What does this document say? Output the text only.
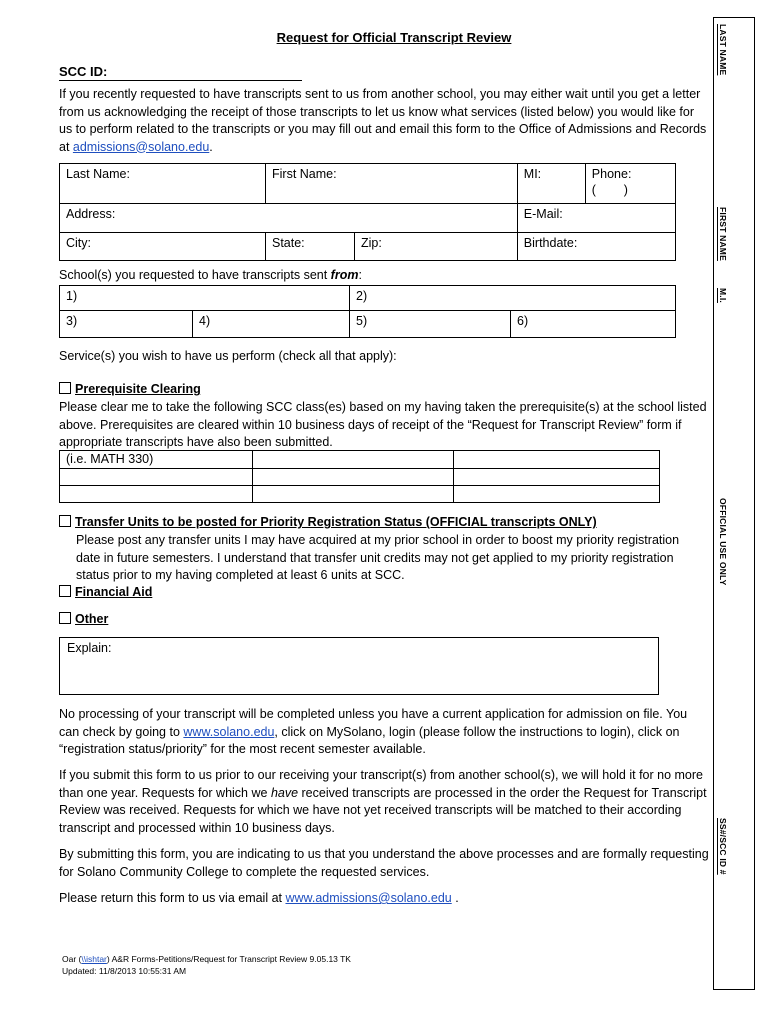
Request for Official Transcript Review
SCC ID:
If you recently requested to have transcripts sent to us from another school, you may either wait until you get a letter from us acknowledging the receipt of those transcripts to let us know what services (listed below) you would like for us to perform related to the transcripts or you may fill out and email this form to the Office of Admissions and Records at admissions@solano.edu.
Last Name:	First Name:		MI:	Phone:
(        )

Address:			E-Mail:	
City:	State:	Zip:	Birthdate:	
School(s) you requested to have transcripts sent from:
1)		2)	
3)	4)	5)	6)
Service(s) you wish to have us perform (check all that apply):
Prerequisite Clearing
Please clear me to take the following SCC class(es) based on my having taken the prerequisite(s) at the school listed above. Prerequisites are cleared within 10 business days of receipt of the “Request for Transcript Review” form if appropriate transcripts have also been submitted.
(i.e. MATH 330)		

Transfer Units to be posted for Priority Registration Status (OFFICIAL transcripts ONLY)
Please post any transfer units I may have acquired at my prior school in order to boost my priority registration date in future semesters. I understand that transfer unit credits may not get applied to my priority registration status prior to my having completed at least 6 units at SCC.
Financial Aid
Other
Explain:
No processing of your transcript will be completed unless you have a current application for admission on file. You can check by going to www.solano.edu, click on MySolano, login (please follow the instructions to login), click on “registration status/priority” for the most recent semester available.
If you submit this form to us prior to our receiving your transcript(s) from another school(s), we will hold it for no more than one year. Requests for which we have received transcripts are processed in the order the Request for Transcript Review was received. Requests for which we have not yet received transcripts will be matched to their according transcript and processed within 10 business days.
By submitting this form, you are indicating to us that you understand the above processes and are formally requesting for Solano Community College to complete the requested services.
Please return this form to us via email at www.admissions@solano.edu .
Oar (\\ishtar) A&R Forms-Petitions/Request for Transcript Review 9.05.13 TK
Updated: 11/8/2013 10:55:31 AM
LAST NAME
FIRST NAME
M.I.
OFFICIAL USE ONLY
SS#/SCC ID #
